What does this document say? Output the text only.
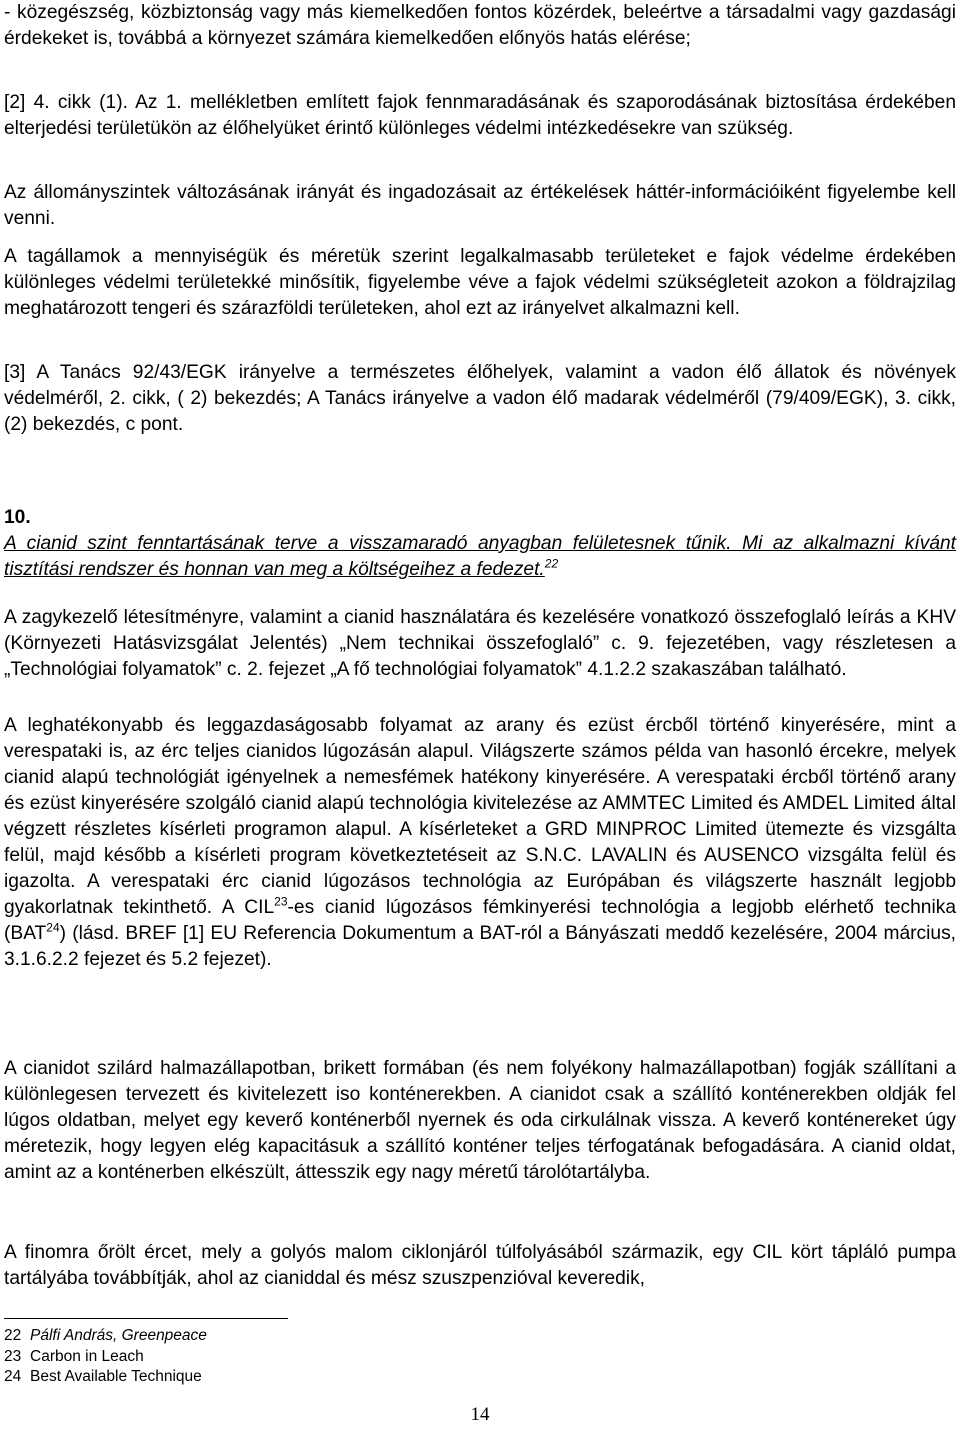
- közegészség, közbiztonság vagy más kiemelkedően fontos közérdek, beleértve a társadalmi vagy gazdasági érdekeket is, továbbá a környezet számára kiemelkedően előnyös hatás elérése;

[2] 4. cikk (1). Az 1. mellékletben említett fajok fennmaradásának és szaporodásának biztosítása érdekében elterjedési területükön az élőhelyüket érintő különleges védelmi intézkedésekre van szükség.

Az állományszintek változásának irányát és ingadozásait az értékelések háttér-információiként figyelembe kell venni.

A tagállamok a mennyiségük és méretük szerint legalkalmasabb területeket e fajok védelme érdekében különleges védelmi területekké minősítik, figyelembe véve a fajok védelmi szükségleteit azokon a földrajzilag meghatározott tengeri és szárazföldi területeken, ahol ezt az irányelvet alkalmazni kell.

[3] A Tanács 92/43/EGK irányelve a természetes élőhelyek, valamint a vadon élő állatok és növények védelméről, 2. cikk, ( 2) bekezdés; A Tanács irányelve a vadon élő madarak védelméről (79/409/EGK), 3. cikk, (2) bekezdés, c pont.

10.

A cianid szint fenntartásának terve a visszamaradó anyagban felületesnek tűnik. Mi az alkalmazni kívánt tisztítási rendszer és honnan van meg a költségeihez a fedezet.$^{22}$

A zagykezelő létesítményre, valamint a cianid használatára és kezelésére vonatkozó összefoglaló leírás a KHV (Környezeti Hatásvizsgálat Jelentés) „Nem technikai összefoglaló” c. 9. fejezetében, vagy részletesen a „Technológiai folyamatok” c. 2. fejezet „A fő technológiai folyamatok” 4.1.2.2 szakaszában található.

A leghatékonyabb és leggazdaságosabb folyamat az arany és ezüst ércből történő kinyerésére, mint a verespataki is, az érc teljes cianidos lúgozásán alapul. Világszerte számos példa van hasonló ércekre, melyek cianid alapú technológiát igényelnek a nemesfémek hatékony kinyerésére. A verespataki ércből történő arany és ezüst kinyerésére szolgáló cianid alapú technológia kivitelezése az AMMTEC Limited és AMDEL Limited által végzett részletes kísérleti programon alapul. A kísérleteket a GRD MINPROC Limited ütemezte és vizsgálta felül, majd később a kísérleti program következtetéseit az S.N.C. LAVALIN és AUSENCO vizsgálta felül és igazolta. A verespataki érc cianid lúgozásos technológia az Európában és világszerte használt legjobb gyakorlatnak tekinthető. A CIL$^{23}$-es cianid lúgozásos fémkinyerési technológia a legjobb elérhető technika (BAT$^{24}$) (lásd. BREF [1] EU Referencia Dokumentum a BAT-ról a Bányászati meddő kezelésére, 2004 március, 3.1.6.2.2 fejezet és 5.2 fejezet).

A cianidot szilárd halmazállapotban, brikett formában (és nem folyékony halmazállapotban) fogják szállítani a különlegesen tervezett és kivitelezett iso konténerekben. A cianidot csak a szállító konténerekben oldják fel lúgos oldatban, melyet egy keverő konténerből nyernek és oda cirkulálnak vissza. A keverő konténereket úgy méretezik, hogy legyen elég kapacitásuk a szállító konténer teljes térfogatának befogadására. A cianid oldat, amint az a konténerben elkészült, áttesszik egy nagy méretű tárolótartályba.

A finomra őrölt ércet, mely a golyós malom ciklonjáról túlfolyásából származik, egy CIL kört tápláló pumpa tartályába továbbítják, ahol az cianiddal és mész szuszpenzióval keveredik,

22 Pálfi András, Greenpeace
23 Carbon in Leach
24 Best Available Technique
14
